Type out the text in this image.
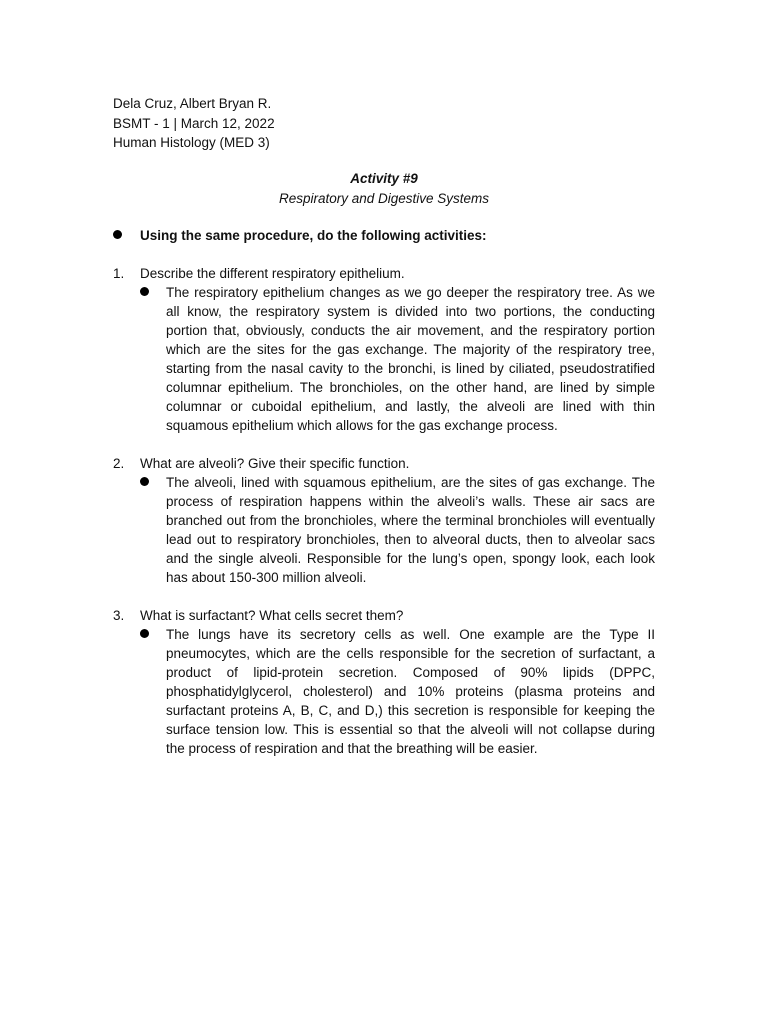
Dela Cruz, Albert Bryan R.
BSMT - 1 | March 12, 2022
Human Histology (MED 3)
Activity #9
Respiratory and Digestive Systems
Using the same procedure, do the following activities:
1. Describe the different respiratory epithelium.
The respiratory epithelium changes as we go deeper the respiratory tree. As we all know, the respiratory system is divided into two portions, the conducting portion that, obviously, conducts the air movement, and the respiratory portion which are the sites for the gas exchange. The majority of the respiratory tree, starting from the nasal cavity to the bronchi, is lined by ciliated, pseudostratified columnar epithelium. The bronchioles, on the other hand, are lined by simple columnar or cuboidal epithelium, and lastly, the alveoli are lined with thin squamous epithelium which allows for the gas exchange process.
2. What are alveoli? Give their specific function.
The alveoli, lined with squamous epithelium, are the sites of gas exchange. The process of respiration happens within the alveoli’s walls. These air sacs are branched out from the bronchioles, where the terminal bronchioles will eventually lead out to respiratory bronchioles, then to alveoral ducts, then to alveolar sacs and the single alveoli. Responsible for the lung’s open, spongy look, each look has about 150-300 million alveoli.
3. What is surfactant? What cells secret them?
The lungs have its secretory cells as well. One example are the Type II pneumocytes, which are the cells responsible for the secretion of surfactant, a product of lipid-protein secretion. Composed of 90% lipids (DPPC, phosphatidylglycerol, cholesterol) and 10% proteins (plasma proteins and surfactant proteins A, B, C, and D,) this secretion is responsible for keeping the surface tension low. This is essential so that the alveoli will not collapse during the process of respiration and that the breathing will be easier.
